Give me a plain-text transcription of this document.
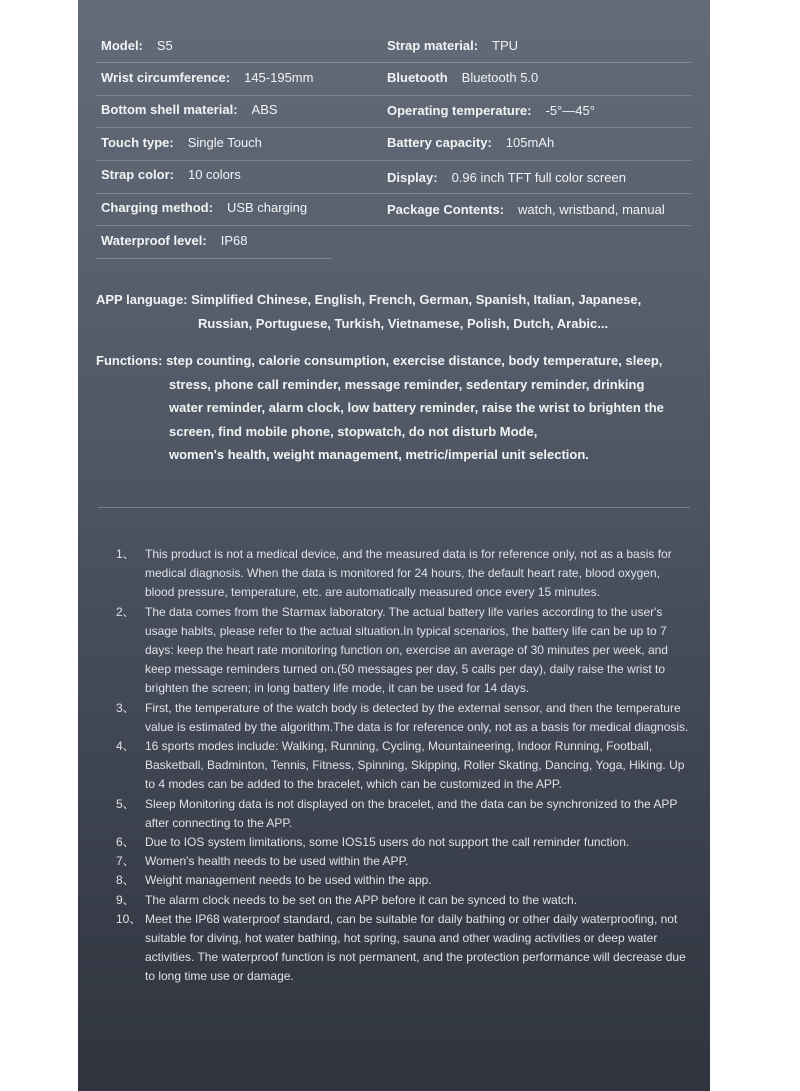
Model: S5
Wrist circumference: 145-195mm
Bottom shell material: ABS
Touch type: Single Touch
Strap color: 10 colors
Charging method: USB charging
Waterproof level: IP68
Strap material: TPU
Bluetooth Bluetooth 5.0
Operating temperature: -5°—45°
Battery capacity: 105mAh
Display: 0.96 inch TFT full color screen
Package Contents: watch, wristband, manual
APP language: Simplified Chinese, English, French, German, Spanish, Italian, Japanese,
Russian, Portuguese, Turkish, Vietnamese, Polish, Dutch, Arabic...
Functions: step counting, calorie consumption, exercise distance, body temperature, sleep,
stress, phone call reminder, message reminder, sedentary reminder, drinking
water reminder, alarm clock, low battery reminder, raise the wrist to brighten the
screen, find mobile phone, stopwatch, do not disturb Mode,
women's health, weight management, metric/imperial unit selection.
1、 This product is not a medical device, and the measured data is for reference only, not as a basis for medical diagnosis. When the data is monitored for 24 hours, the default heart rate, blood oxygen, blood pressure, temperature, etc. are automatically measured once every 15 minutes.
2、 The data comes from the Starmax laboratory. The actual battery life varies according to the user's usage habits, please refer to the actual situation.In typical scenarios, the battery life can be up to 7 days: keep the heart rate monitoring function on, exercise an average of 30 minutes per week, and keep message reminders turned on.(50 messages per day, 5 calls per day), daily raise the wrist to brighten the screen; in long battery life mode, it can be used for 14 days.
3、 First, the temperature of the watch body is detected by the external sensor, and then the temperature value is estimated by the algorithm.The data is for reference only, not as a basis for medical diagnosis.
4、 16 sports modes include: Walking, Running, Cycling, Mountaineering, Indoor Running, Football, Basketball, Badminton, Tennis, Fitness, Spinning, Skipping, Roller Skating, Dancing, Yoga, Hiking. Up to 4 modes can be added to the bracelet, which can be customized in the APP.
5、 Sleep Monitoring data is not displayed on the bracelet, and the data can be synchronized to the APP after connecting to the APP.
6、 Due to IOS system limitations, some IOS15 users do not support the call reminder function.
7、 Women's health needs to be used within the APP.
8、 Weight management needs to be used within the app.
9、 The alarm clock needs to be set on the APP before it can be synced to the watch.
10、 Meet the IP68 waterproof standard, can be suitable for daily bathing or other daily waterproofing, not suitable for diving, hot water bathing, hot spring, sauna and other wading activities or deep water activities. The waterproof function is not permanent, and the protection performance will decrease due to long time use or damage.
